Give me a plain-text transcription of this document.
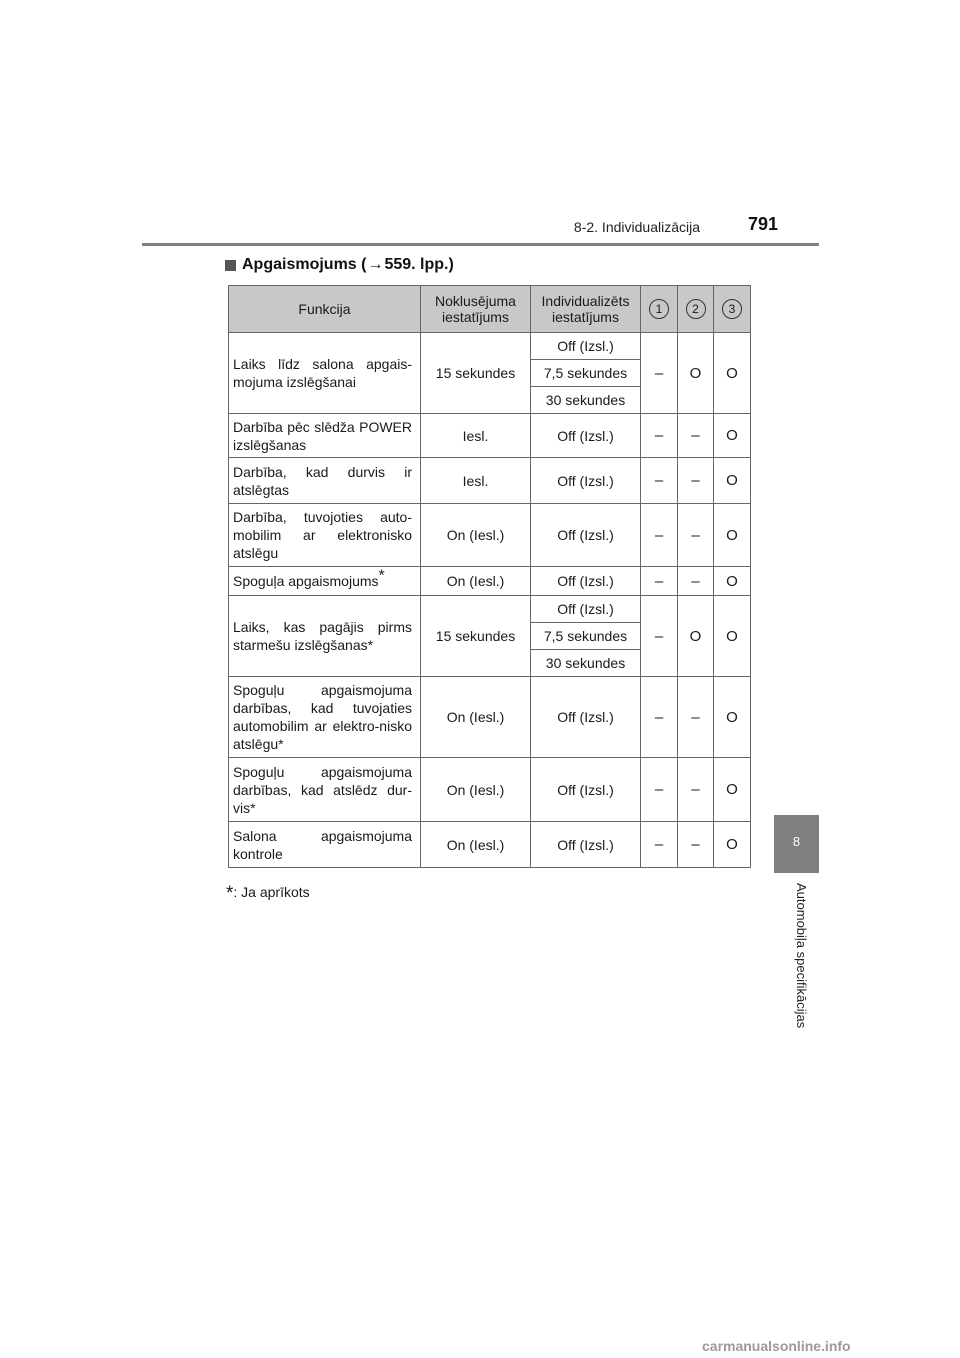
8-2. Individualizācija	791
8
Automobiļa specifikācijas
Apgaismojums ( → 559. lpp.)
Funkcija	Noklusējuma iestatījums	Individualizēts iestatījums	1	2	3
Laiks līdz salona apgais-mojuma izslēgšanai	15 sekundes	Off (Izsl.)	–	O	O
		7,5 sekundes			
		30 sekundes			
Darbība pēc slēdža POWER izslēgšanas	Iesl.	Off (Izsl.)	–	–	O
Darbība, kad durvis ir atslēgtas	Iesl.	Off (Izsl.)	–	–	O
Darbība, tuvojoties auto-mobilim ar elektronisko atslēgu	On (Iesl.)	Off (Izsl.)	–	–	O
Spoguļa apgaismojums*	On (Iesl.)	Off (Izsl.)	–	–	O
Laiks, kas pagājis pirms starmešu izslēgšanas*	15 sekundes	Off (Izsl.)	–	O	O
		7,5 sekundes			
		30 sekundes			
Spoguļu apgaismojuma darbības, kad tuvojaties automobilim ar elektro-nisko atslēgu*	On (Iesl.)	Off (Izsl.)	–	–	O
Spoguļu apgaismojuma darbības, kad atslēdz dur-vis*	On (Iesl.)	Off (Izsl.)	–	–	O
Salona apgaismojuma kontrole	On (Iesl.)	Off (Izsl.)	–	–	O
*: Ja aprīkots
carmanualsonline.info
